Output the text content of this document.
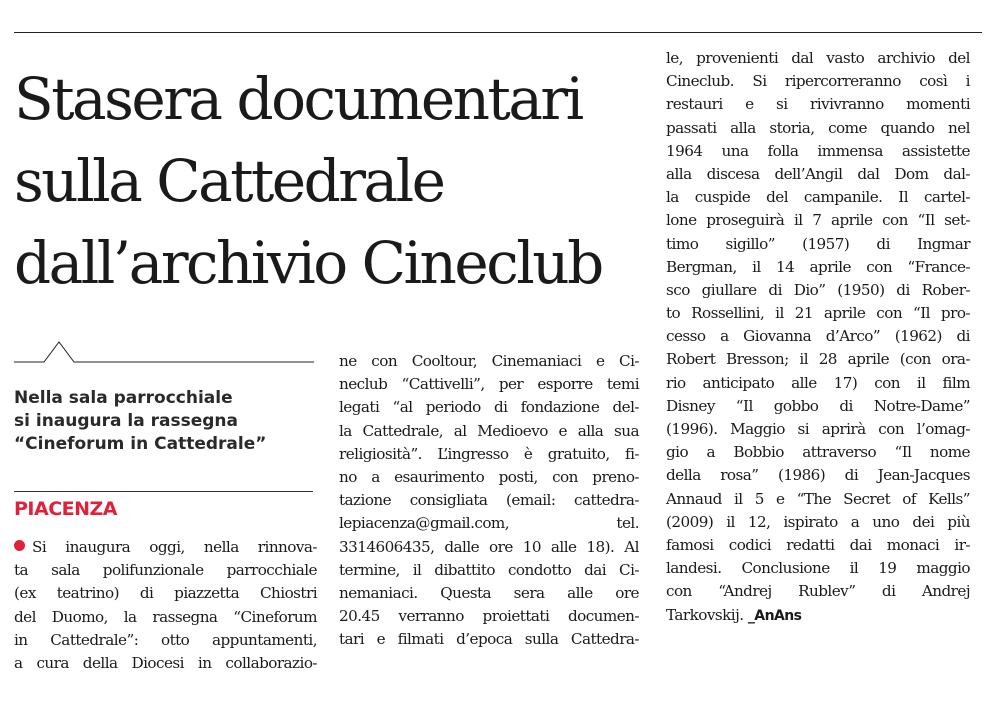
Stasera documentari
sulla Cattedrale
dall’archivio Cineclub
Nella sala parrocchiale
si inaugura la rassegna
“Cineforum in Cattedrale”
PIACENZA
Si inaugura oggi, nella rinnova-
ta sala polifunzionale parrocchiale
(ex teatrino) di piazzetta Chiostri
del Duomo, la rassegna “Cineforum
in Cattedrale”: otto appuntamenti,
a cura della Diocesi in collaborazio-
ne con Cooltour, Cinemaniaci e Ci-
neclub “Cattivelli”, per esporre temi
legati “al periodo di fondazione del-
la Cattedrale, al Medioevo e alla sua
religiosità”. L’ingresso è gratuito, fi-
no a esaurimento posti, con preno-
tazione consigliata (email: cattedra-
lepiacenza@gmail.com, tel.
3314606435, dalle ore 10 alle 18). Al
termine, il dibattito condotto dai Ci-
nemaniaci. Questa sera alle ore
20.45 verranno proiettati documen-
tari e filmati d’epoca sulla Cattedra-
le, provenienti dal vasto archivio del
Cineclub. Si ripercorreranno così i
restauri e si rivivranno momenti
passati alla storia, come quando nel
1964 una folla immensa assistette
alla discesa dell’Angil dal Dom dal-
la cuspide del campanile. Il cartel-
lone proseguirà il 7 aprile con “Il set-
timo sigillo” (1957) di Ingmar
Bergman, il 14 aprile con “France-
sco giullare di Dio” (1950) di Rober-
to Rossellini, il 21 aprile con “Il pro-
cesso a Giovanna d’Arco” (1962) di
Robert Bresson; il 28 aprile (con ora-
rio anticipato alle 17) con il film
Disney “Il gobbo di Notre-Dame”
(1996). Maggio si aprirà con l’omag-
gio a Bobbio attraverso “Il nome
della rosa” (1986) di Jean-Jacques
Annaud il 5 e “The Secret of Kells”
(2009) il 12, ispirato a uno dei più
famosi codici redatti dai monaci ir-
landesi. Conclusione il 19 maggio
con “Andrej Rublev” di Andrej
Tarkovskij. _AnAns
